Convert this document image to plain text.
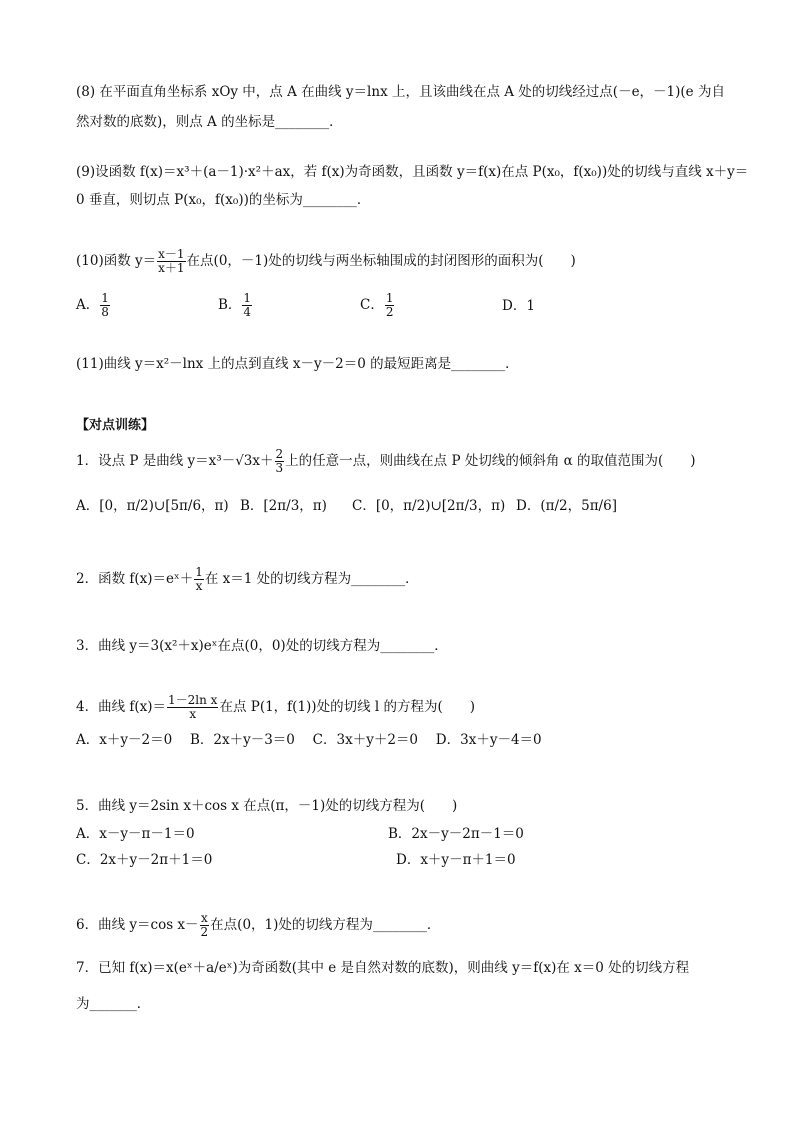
(8) 在平面直角坐标系 xOy 中，点 A 在曲线 y＝lnx 上，且该曲线在点 A 处的切线经过点(－e，－1)(e 为自
然对数的底数)，则点 A 的坐标是________．
(9)设函数 f(x)＝x³＋(a－1)·x²＋ax，若 f(x)为奇函数，且函数 y＝f(x)在点 P(x₀，f(x₀))处的切线与直线 x＋y＝
0 垂直，则切点 P(x₀，f(x₀))的坐标为________．
(10)函数 $y= \frac{x-1}{x+1}$ 在点(0，－1)处的切线与两坐标轴围成的封闭图形的面积为(　　)
A． $\frac{1}{8}$	B． $\frac{1}{4}$	C． $\frac{1}{2}$	D．1
(11)曲线 y＝x²－lnx 上的点到直线 x－y－2＝0 的最短距离是________．
【对点训练】
1．设点 P 是曲线 $y=x^3-√3x+ \frac{2}{3}$ 上的任意一点，则曲线在点 P 处切线的倾斜角 α 的取值范围为(　　)
A．[0，π/2)∪[5π/6，π) B．[2π/3，π) C．[0，π/2)∪[2π/3，π) D．(π/2，5π/6]
2．函数 f(x)＝eˣ＋ $\frac{1}{x}$ 在 x＝1 处的切线方程为________．
3．曲线 y＝3(x²＋x)eˣ在点(0，0)处的切线方程为________．
4．曲线 $f(x)= \frac{\text{1－2ln x}}{x}$ 在点 P(1，f(1))处的切线 l 的方程为(　　)
A．x＋y－2＝0　 B．2x＋y－3＝0　 C．3x＋y＋2＝0　 D．3x＋y－4＝0
5．曲线 y＝2sin x＋cos x 在点(π，－1)处的切线方程为(　　)
A．x－y－π－1＝0	B．2x－y－2π－1＝0
C．2x＋y－2π＋1＝0	D．x＋y－π＋1＝0
6．曲线 y＝cos $x- \frac{x}{2}$ 在点(0，1)处的切线方程为________．
7．已知 f(x)＝x(eˣ＋a/eˣ)为奇函数(其中 e 是自然对数的底数)，则曲线 y＝f(x)在 x＝0 处的切线方程
为_______．
